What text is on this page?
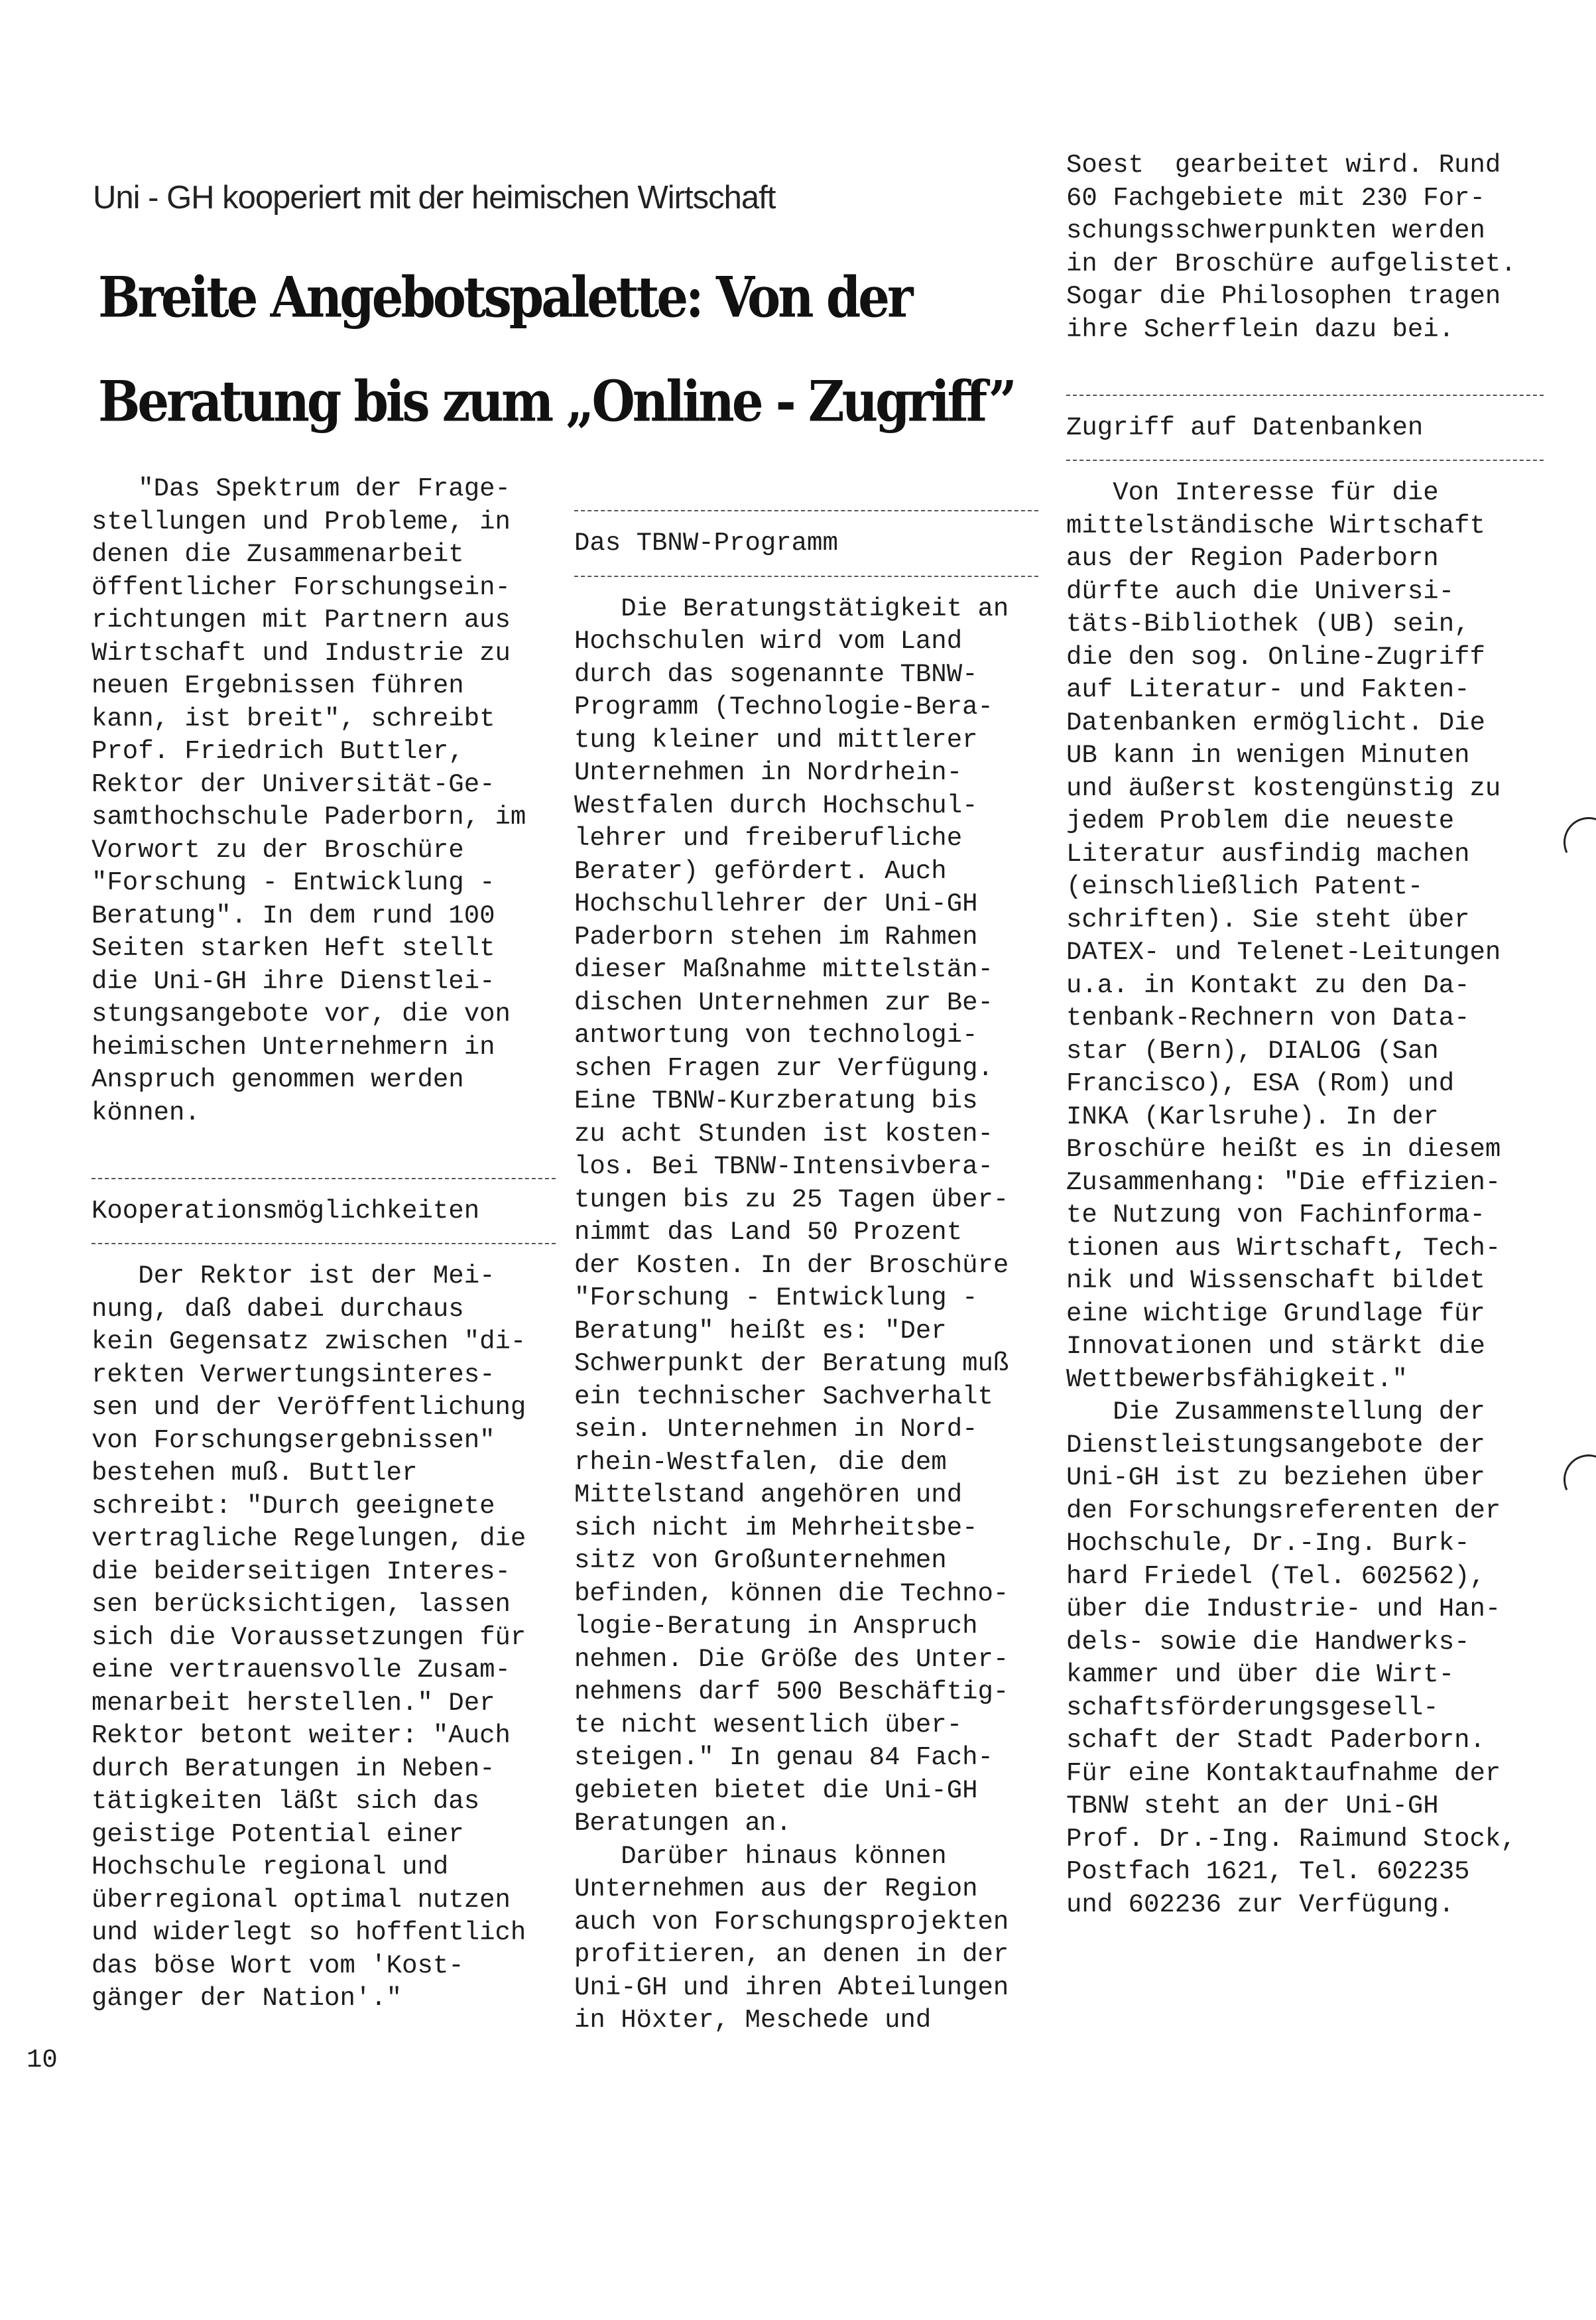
Uni - GH kooperiert mit der heimischen Wirtschaft
Breite Angebotspalette: Von der
Beratung bis zum „Online - Zugriff”
"Das Spektrum der Frage-
stellungen und Probleme, in
denen die Zusammenarbeit
öffentlicher Forschungsein-
richtungen mit Partnern aus
Wirtschaft und Industrie zu
neuen Ergebnissen führen
kann, ist breit", schreibt
Prof. Friedrich Buttler,
Rektor der Universität-Ge-
samthochschule Paderborn, im
Vorwort zu der Broschüre
"Forschung - Entwicklung -
Beratung". In dem rund 100
Seiten starken Heft stellt
die Uni-GH ihre Dienstlei-
stungsangebote vor, die von
heimischen Unternehmern in
Anspruch genommen werden
können.
Kooperationsmöglichkeiten
Der Rektor ist der Mei-
nung, daß dabei durchaus
kein Gegensatz zwischen "di-
rekten Verwertungsinteres-
sen und der Veröffentlichung
von Forschungsergebnissen"
bestehen muß. Buttler
schreibt: "Durch geeignete
vertragliche Regelungen, die
die beiderseitigen Interes-
sen berücksichtigen, lassen
sich die Voraussetzungen für
eine vertrauensvolle Zusam-
menarbeit herstellen." Der
Rektor betont weiter: "Auch
durch Beratungen in Neben-
tätigkeiten läßt sich das
geistige Potential einer
Hochschule regional und
überregional optimal nutzen
und widerlegt so hoffentlich
das böse Wort vom 'Kost-
gänger der Nation'."
Das TBNW-Programm
Die Beratungstätigkeit an
Hochschulen wird vom Land
durch das sogenannte TBNW-
Programm (Technologie-Bera-
tung kleiner und mittlerer
Unternehmen in Nordrhein-
Westfalen durch Hochschul-
lehrer und freiberufliche
Berater) gefördert. Auch
Hochschullehrer der Uni-GH
Paderborn stehen im Rahmen
dieser Maßnahme mittelstän-
dischen Unternehmen zur Be-
antwortung von technologi-
schen Fragen zur Verfügung.
Eine TBNW-Kurzberatung bis
zu acht Stunden ist kosten-
los. Bei TBNW-Intensivbera-
tungen bis zu 25 Tagen über-
nimmt das Land 50 Prozent
der Kosten. In der Broschüre
"Forschung - Entwicklung -
Beratung" heißt es: "Der
Schwerpunkt der Beratung muß
ein technischer Sachverhalt
sein. Unternehmen in Nord-
rhein-Westfalen, die dem
Mittelstand angehören und
sich nicht im Mehrheitsbe-
sitz von Großunternehmen
befinden, können die Techno-
logie-Beratung in Anspruch
nehmen. Die Größe des Unter-
nehmens darf 500 Beschäftig-
te nicht wesentlich über-
steigen." In genau 84 Fach-
gebieten bietet die Uni-GH
Beratungen an.
Darüber hinaus können
Unternehmen aus der Region
auch von Forschungsprojekten
profitieren, an denen in der
Uni-GH und ihren Abteilungen
in Höxter, Meschede und
Soest  gearbeitet wird. Rund
60 Fachgebiete mit 230 For-
schungsschwerpunkten werden
in der Broschüre aufgelistet.
Sogar die Philosophen tragen
ihre Scherflein dazu bei.
Zugriff auf Datenbanken
Von Interesse für die
mittelständische Wirtschaft
aus der Region Paderborn
dürfte auch die Universi-
täts-Bibliothek (UB) sein,
die den sog. Online-Zugriff
auf Literatur- und Fakten-
Datenbanken ermöglicht. Die
UB kann in wenigen Minuten
und äußerst kostengünstig zu
jedem Problem die neueste
Literatur ausfindig machen
(einschließlich Patent-
schriften). Sie steht über
DATEX- und Telenet-Leitungen
u.a. in Kontakt zu den Da-
tenbank-Rechnern von Data-
star (Bern), DIALOG (San
Francisco), ESA (Rom) und
INKA (Karlsruhe). In der
Broschüre heißt es in diesem
Zusammenhang: "Die effizien-
te Nutzung von Fachinforma-
tionen aus Wirtschaft, Tech-
nik und Wissenschaft bildet
eine wichtige Grundlage für
Innovationen und stärkt die
Wettbewerbsfähigkeit."
Die Zusammenstellung der
Dienstleistungsangebote der
Uni-GH ist zu beziehen über
den Forschungsreferenten der
Hochschule, Dr.-Ing. Burk-
hard Friedel (Tel. 602562),
über die Industrie- und Han-
dels- sowie die Handwerks-
kammer und über die Wirt-
schaftsförderungsgesell-
schaft der Stadt Paderborn.
Für eine Kontaktaufnahme der
TBNW steht an der Uni-GH
Prof. Dr.-Ing. Raimund Stock,
Postfach 1621, Tel. 602235
und 602236 zur Verfügung.
10
